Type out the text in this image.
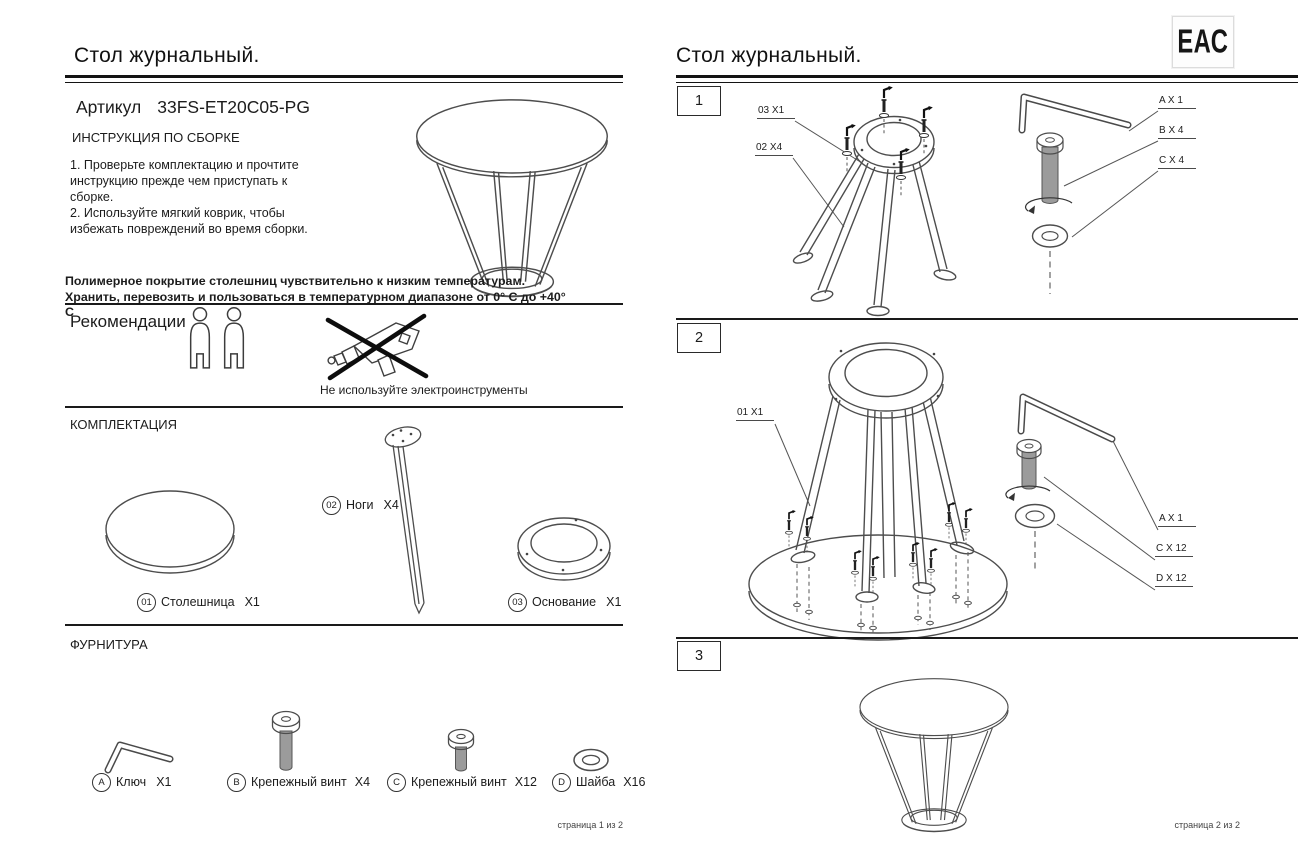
Стол журнальный.
Артикул 33FS-ET20C05-PG
ИНСТРУКЦИЯ ПО СБОРКЕ
1. Проверьте комплектацию и прочтите инструкцию прежде чем приступать к сборке.
2. Используйте мягкий коврик, чтобы избежать повреждений во время сборки.
Полимерное покрытие столешниц чувствительно к низким температурам. Хранить, перевозить и пользоваться в температурном диапазоне от 0° С до +40° С
Рекомендации
Не используйте электроинструменты
КОМПЛЕКТАЦИЯ
01 Столешница X1
02 Ноги X4
03 Основание X1
ФУРНИТУРА
A Ключ X1	B Крепежный винт X4	C Крепежный винт X12	D Шайба X16
страница 1 из 2
Стол журнальный.	ЕАС
1
03 X1
02 X4
A X 1
B X 4
C X 4
2
01 X1
A X 1
C X 12
D X 12
3
страница 2 из 2
